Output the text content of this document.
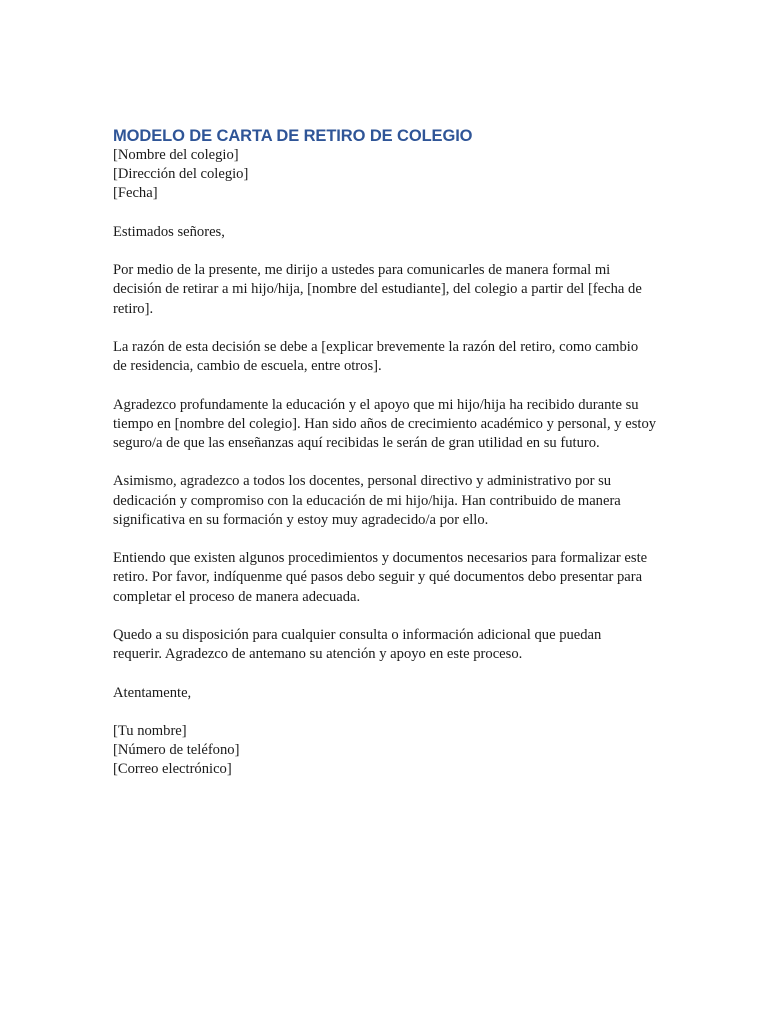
MODELO DE CARTA DE RETIRO DE COLEGIO

[Nombre del colegio]

[Dirección del colegio]

[Fecha]

Estimados señores,

Por medio de la presente, me dirijo a ustedes para comunicarles de manera formal mi

decisión de retirar a mi hijo/hija, [nombre del estudiante], del colegio a partir del [fecha de

retiro].

La razón de esta decisión se debe a [explicar brevemente la razón del retiro, como cambio

de residencia, cambio de escuela, entre otros].

Agradezco profundamente la educación y el apoyo que mi hijo/hija ha recibido durante su

tiempo en [nombre del colegio]. Han sido años de crecimiento académico y personal, y estoy

seguro/a de que las enseñanzas aquí recibidas le serán de gran utilidad en su futuro.

Asimismo, agradezco a todos los docentes, personal directivo y administrativo por su

dedicación y compromiso con la educación de mi hijo/hija. Han contribuido de manera

significativa en su formación y estoy muy agradecido/a por ello.

Entiendo que existen algunos procedimientos y documentos necesarios para formalizar este

retiro. Por favor, indíquenme qué pasos debo seguir y qué documentos debo presentar para

completar el proceso de manera adecuada.

Quedo a su disposición para cualquier consulta o información adicional que puedan

requerir. Agradezco de antemano su atención y apoyo en este proceso.

Atentamente,

[Tu nombre]

[Número de teléfono]

[Correo electrónico]
